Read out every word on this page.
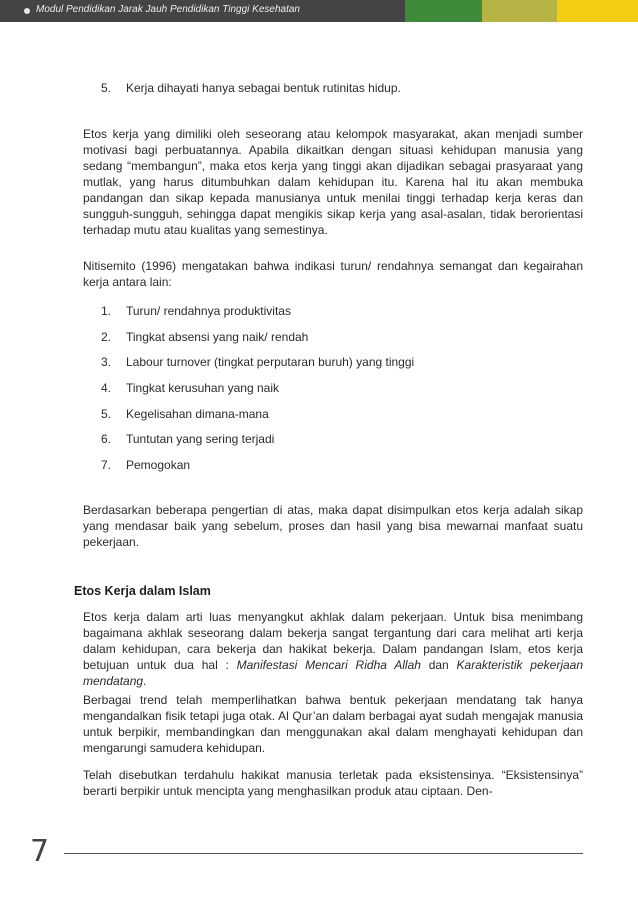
Modul Pendidikan Jarak Jauh Pendidikan Tinggi Kesehatan
5. Kerja dihayati hanya sebagai bentuk rutinitas hidup.

Etos kerja yang dimiliki oleh seseorang atau kelompok masyarakat, akan menjadi sumber motivasi bagi perbuatannya. Apabila dikaitkan dengan situasi kehidupan manusia yang sedang “membangun”, maka etos kerja yang tinggi akan dijadikan sebagai prasyaraat yang mutlak, yang harus ditumbuhkan dalam kehidupan itu. Karena hal itu akan membuka pandangan dan sikap kepada manusianya untuk menilai tinggi terhadap kerja keras dan sungguh-sungguh, sehingga dapat mengikis sikap kerja yang asal-asalan, tidak berorientasi terhadap mutu atau kualitas yang semestinya.

Nitisemito (1996) mengatakan bahwa indikasi turun/ rendahnya semangat dan kegairahan kerja antara lain:

1. Turun/ rendahnya produktivitas
2. Tingkat absensi yang naik/ rendah
3. Labour turnover (tingkat perputaran buruh) yang tinggi
4. Tingkat kerusuhan yang naik
5. Kegelisahan dimana-mana
6. Tuntutan yang sering terjadi
7. Pemogokan

Berdasarkan beberapa pengertian di atas, maka dapat disimpulkan etos kerja adalah sikap yang mendasar baik yang sebelum, proses dan hasil yang bisa mewarnai manfaat suatu pekerjaan.

Etos Kerja dalam Islam

Etos kerja dalam arti luas menyangkut akhlak dalam pekerjaan. Untuk bisa menimbang bagaimana akhlak seseorang dalam bekerja sangat tergantung dari cara melihat arti kerja dalam kehidupan, cara bekerja dan hakikat bekerja. Dalam pandangan Islam, etos kerja betujuan untuk dua hal : Manifestasi Mencari Ridha Allah dan Karakteristik pekerjaan mendatang.

Berbagai trend telah memperlihatkan bahwa bentuk pekerjaan mendatang tak hanya mengandalkan fisik tetapi juga otak. Al Qur’an dalam berbagai ayat sudah mengajak manusia untuk berpikir, membandingkan dan menggunakan akal dalam menghayati kehidupan dan mengarungi samudera kehidupan.

Telah disebutkan terdahulu hakikat manusia terletak pada eksistensinya. “Eksistensinya” berarti berpikir untuk mencipta yang menghasilkan produk atau ciptaan. Den-

7
